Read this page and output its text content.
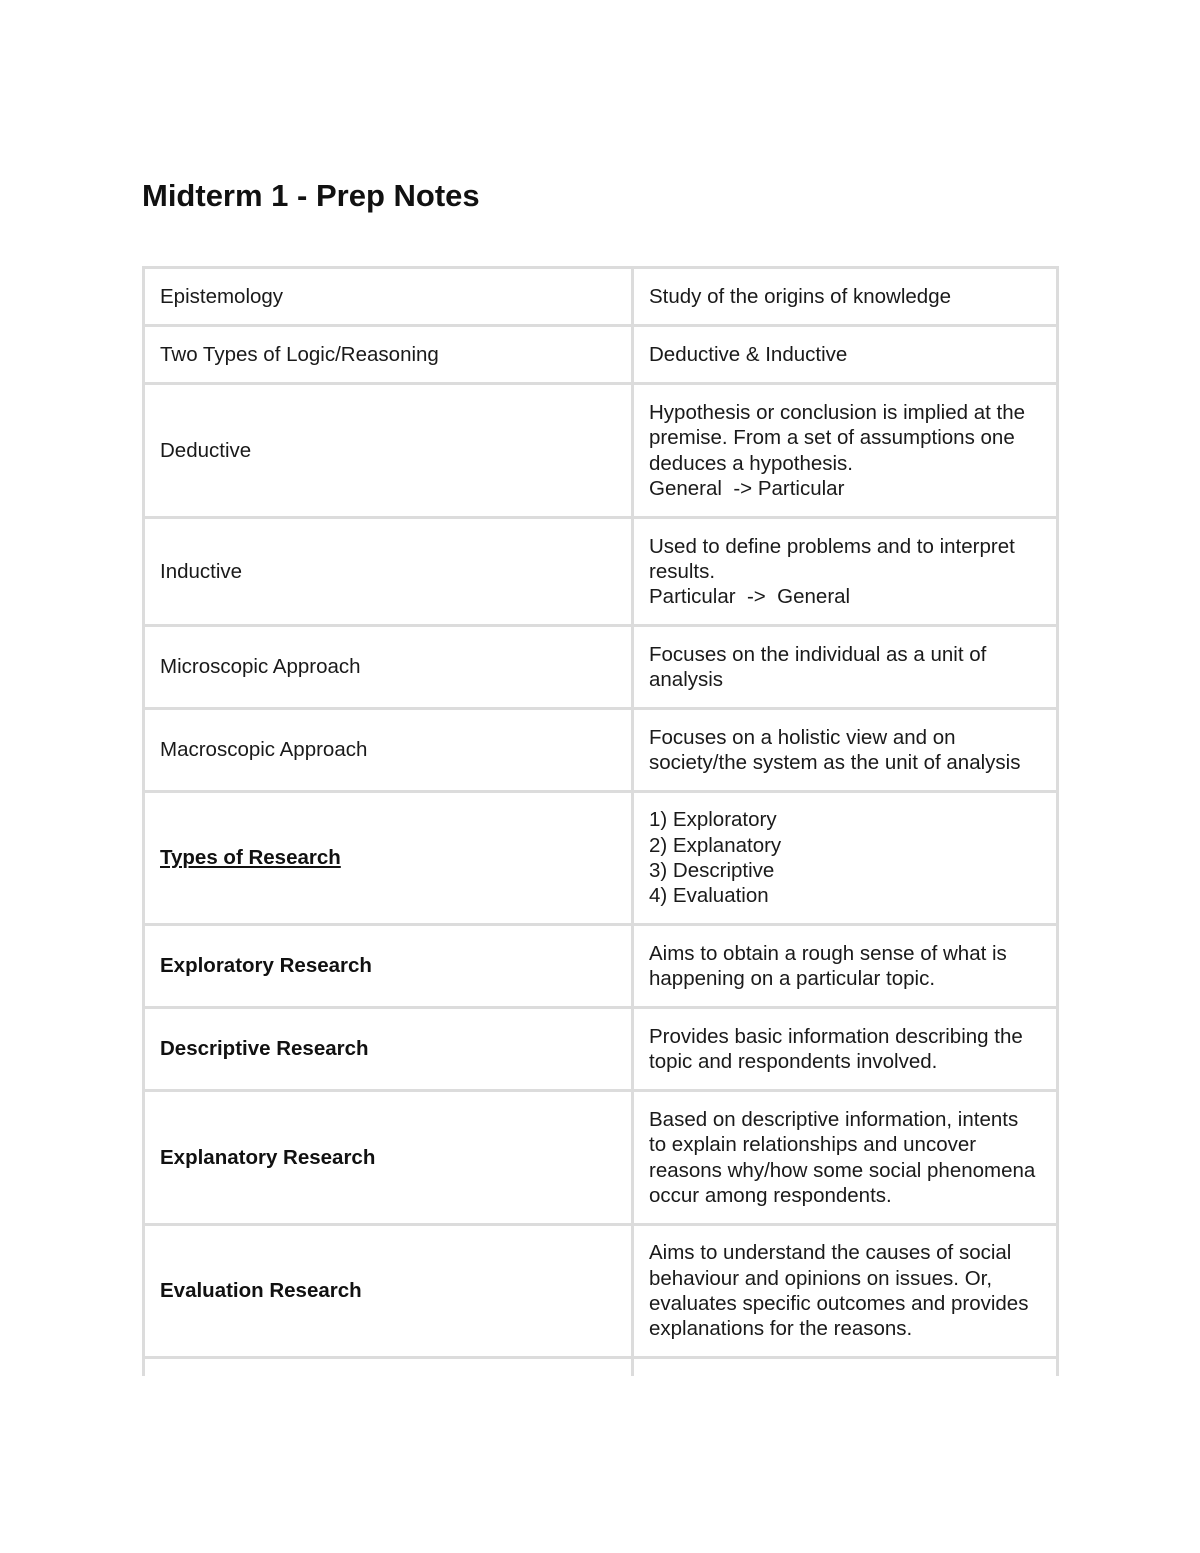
Midterm 1 - Prep Notes
Epistemology	Study of the origins of knowledge

Two Types of Logic/Reasoning	Deductive & Inductive

Deductive	Hypothesis or conclusion is implied at the
premise. From a set of assumptions one
deduces a hypothesis.
General  -> Particular

Inductive	Used to define problems and to interpret
results.
Particular  ->  General

Microscopic Approach	Focuses on the individual as a unit of
analysis

Macroscopic Approach	Focuses on a holistic view and on
society/the system as the unit of analysis

Types of Research	1) Exploratory
2) Explanatory
3) Descriptive
4) Evaluation

Exploratory Research	Aims to obtain a rough sense of what is
happening on a particular topic.

Descriptive Research	Provides basic information describing the
topic and respondents involved.

Explanatory Research	Based on descriptive information, intents
to explain relationships and uncover
reasons why/how some social phenomena
occur among respondents.

Evaluation Research	Aims to understand the causes of social
behaviour and opinions on issues. Or,
evaluates specific outcomes and provides
explanations for the reasons.
